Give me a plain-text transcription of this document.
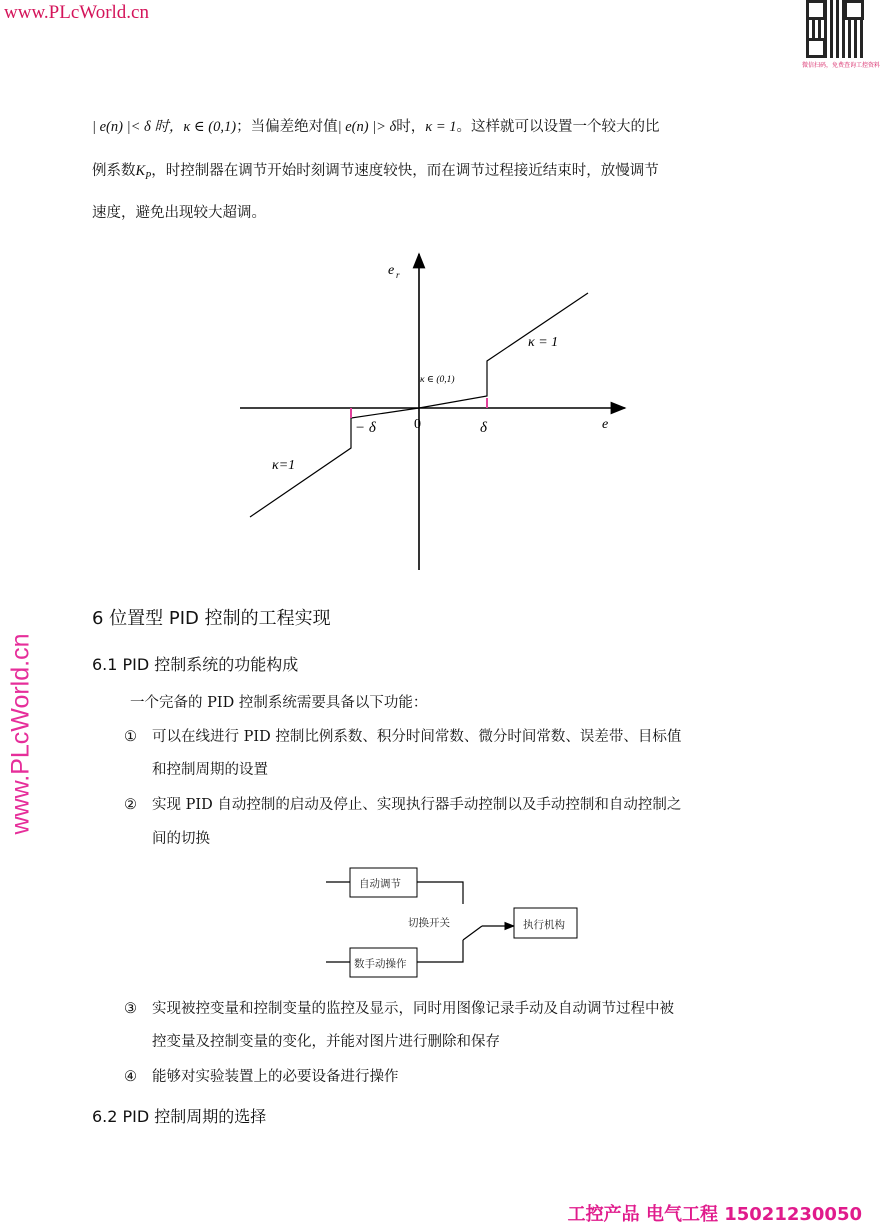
www.PLcWorld.cn
www.PLcWorld.cn
微信扫码，免费查询工控资料
| e(n) |< δ 时，κ ∈ (0,1)；当偏差绝对值| e(n) |> δ时，κ = 1。这样就可以设置一个较大的比
例系数$K_P$，时控制器在调节开始时刻调节速度较快，而在调节过程接近结束时，放慢调节
速度，避免出现较大超调。
e r
e
0	δ
− δ
κ ∈ (0,1)
κ = 1
κ=1
6 位置型 PID 控制的工程实现
6.1 PID 控制系统的功能构成
一个完备的 PID 控制系统需要具备以下功能：
① 可以在线进行 PID 控制比例系数、积分时间常数、微分时间常数、误差带、目标值
和控制周期的设置
② 实现 PID 自动控制的启动及停止、实现执行器手动控制以及手动控制和自动控制之
间的切换
自动调节
数手动操作
切换开关	执行机构
③ 实现被控变量和控制变量的监控及显示，同时用图像记录手动及自动调节过程中被
控变量及控制变量的变化，并能对图片进行删除和保存
④ 能够对实验装置上的必要设备进行操作
6.2 PID 控制周期的选择
工控产品 电气工程 15021230050
